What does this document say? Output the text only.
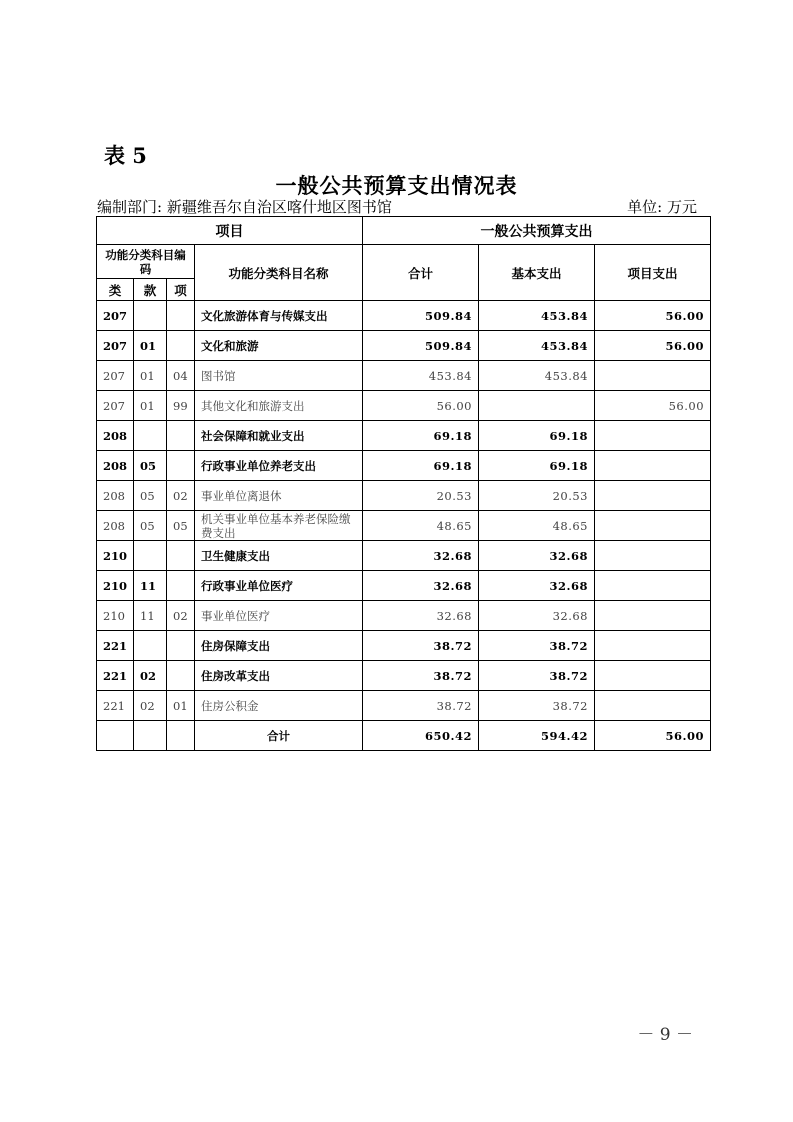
表 5
一般公共预算支出情况表
编制部门: 新疆维吾尔自治区喀什地区图书馆	单位: 万元
项目				一般公共预算支出		
功能分类科目编码			功能分类科目名称	合计	基本支出	项目支出
类	款	项				
207			文化旅游体育与传媒支出	509.84	453.84	56.00
207	01		文化和旅游	509.84	453.84	56.00
207	01	04	图书馆	453.84	453.84	
207	01	99	其他文化和旅游支出	56.00		56.00
208			社会保障和就业支出	69.18	69.18	
208	05		行政事业单位养老支出	69.18	69.18	
208	05	02	事业单位离退休	20.53	20.53	
208	05	05	机关事业单位基本养老保险缴费支出	48.65	48.65	
210			卫生健康支出	32.68	32.68	
210	11		行政事业单位医疗	32.68	32.68	
210	11	02	事业单位医疗	32.68	32.68	
221			住房保障支出	38.72	38.72	
221	02		住房改革支出	38.72	38.72	
221	02	01	住房公积金	38.72	38.72	
			合计	650.42	594.42	56.00
－ 9 －
